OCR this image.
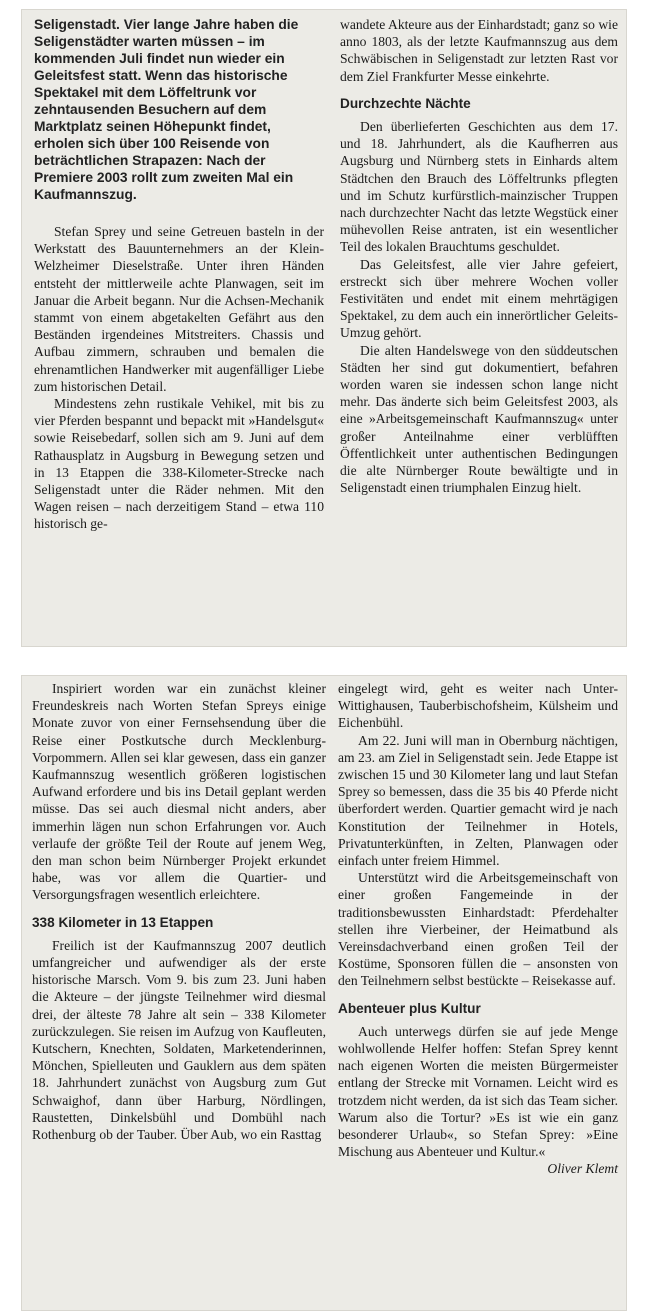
Seligenstadt. Vier lange Jahre haben die Seligenstädter warten müssen – im kommenden Juli findet nun wieder ein Geleitsfest statt. Wenn das historische Spektakel mit dem Löffeltrunk vor zehntausenden Besuchern auf dem Marktplatz seinen Höhepunkt findet, erholen sich über 100 Reisende von beträchtlichen Strapazen: Nach der Premiere 2003 rollt zum zweiten Mal ein Kaufmannszug.

Stefan Sprey und seine Getreuen basteln in der Werkstatt des Bauunternehmers an der Klein-Welzheimer Dieselstraße. Unter ihren Händen entsteht der mittlerweile achte Planwagen, seit im Januar die Arbeit begann. Nur die Achsen-Mechanik stammt von einem abgetakelten Gefährt aus den Beständen irgendeines Mitstreiters. Chassis und Aufbau zimmern, schrauben und bemalen die ehrenamtlichen Handwerker mit augenfälliger Liebe zum historischen Detail.

Mindestens zehn rustikale Vehikel, mit bis zu vier Pferden bespannt und bepackt mit »Handelsgut« sowie Reisebedarf, sollen sich am 9. Juni auf dem Rathausplatz in Augsburg in Bewegung setzen und in 13 Etappen die 338-Kilometer-Strecke nach Seligenstadt unter die Räder nehmen. Mit den Wagen reisen – nach derzeitigem Stand – etwa 110 historisch ge-

wandete Akteure aus der Einhardstadt; ganz so wie anno 1803, als der letzte Kaufmannszug aus dem Schwäbischen in Seligenstadt zur letzten Rast vor dem Ziel Frankfurter Messe einkehrte.

Durchzechte Nächte

Den überlieferten Geschichten aus dem 17. und 18. Jahrhundert, als die Kaufherren aus Augsburg und Nürnberg stets in Einhards altem Städtchen den Brauch des Löffeltrunks pflegten und im Schutz kurfürstlich-mainzischer Truppen nach durchzechter Nacht das letzte Wegstück einer mühevollen Reise antraten, ist ein wesentlicher Teil des lokalen Brauchtums geschuldet.

Das Geleitsfest, alle vier Jahre gefeiert, erstreckt sich über mehrere Wochen voller Festivitäten und endet mit einem mehrtägigen Spektakel, zu dem auch ein innerörtlicher Geleits-Umzug gehört.

Die alten Handelswege von den süddeutschen Städten her sind gut dokumentiert, befahren worden waren sie indessen schon lange nicht mehr. Das änderte sich beim Geleitsfest 2003, als eine »Arbeitsgemeinschaft Kaufmannszug« unter großer Anteilnahme einer verblüfften Öffentlichkeit unter authentischen Bedingungen die alte Nürnberger Route bewältigte und in Seligenstadt einen triumphalen Einzug hielt.

Inspiriert worden war ein zunächst kleiner Freundeskreis nach Worten Stefan Spreys einige Monate zuvor von einer Fernsehsendung über die Reise einer Postkutsche durch Mecklenburg-Vorpommern. Allen sei klar gewesen, dass ein ganzer Kaufmannszug wesentlich größeren logistischen Aufwand erfordere und bis ins Detail geplant werden müsse. Das sei auch diesmal nicht anders, aber immerhin lägen nun schon Erfahrungen vor. Auch verlaufe der größte Teil der Route auf jenem Weg, den man schon beim Nürnberger Projekt erkundet habe, was vor allem die Quartier- und Versorgungsfragen wesentlich erleichtere.

338 Kilometer in 13 Etappen

Freilich ist der Kaufmannszug 2007 deutlich umfangreicher und aufwendiger als der erste historische Marsch. Vom 9. bis zum 23. Juni haben die Akteure – der jüngste Teilnehmer wird diesmal drei, der älteste 78 Jahre alt sein – 338 Kilometer zurückzulegen. Sie reisen im Aufzug von Kaufleuten, Kutschern, Knechten, Soldaten, Marketenderinnen, Mönchen, Spielleuten und Gauklern aus dem späten 18. Jahrhundert zunächst von Augsburg zum Gut Schwaighof, dann über Harburg, Nördlingen, Raustetten, Dinkelsbühl und Dombühl nach Rothenburg ob der Tauber. Über Aub, wo ein Rasttag

eingelegt wird, geht es weiter nach Unter-Wittighausen, Tauberbischofsheim, Külsheim und Eichenbühl.

Am 22. Juni will man in Obernburg nächtigen, am 23. am Ziel in Seligenstadt sein. Jede Etappe ist zwischen 15 und 30 Kilometer lang und laut Stefan Sprey so bemessen, dass die 35 bis 40 Pferde nicht überfordert werden. Quartier gemacht wird je nach Konstitution der Teilnehmer in Hotels, Privatunterkünften, in Zelten, Planwagen oder einfach unter freiem Himmel.

Unterstützt wird die Arbeitsgemeinschaft von einer großen Fangemeinde in der traditionsbewussten Einhardstadt: Pferdehalter stellen ihre Vierbeiner, der Heimatbund als Vereinsdachverband einen großen Teil der Kostüme, Sponsoren füllen die – ansonsten von den Teilnehmern selbst bestückte – Reisekasse auf.

Abenteuer plus Kultur

Auch unterwegs dürfen sie auf jede Menge wohlwollende Helfer hoffen: Stefan Sprey kennt nach eigenen Worten die meisten Bürgermeister entlang der Strecke mit Vornamen. Leicht wird es trotzdem nicht werden, da ist sich das Team sicher. Warum also die Tortur? »Es ist wie ein ganz besonderer Urlaub«, so Stefan Sprey: »Eine Mischung aus Abenteuer und Kultur.«

Oliver Klemt
